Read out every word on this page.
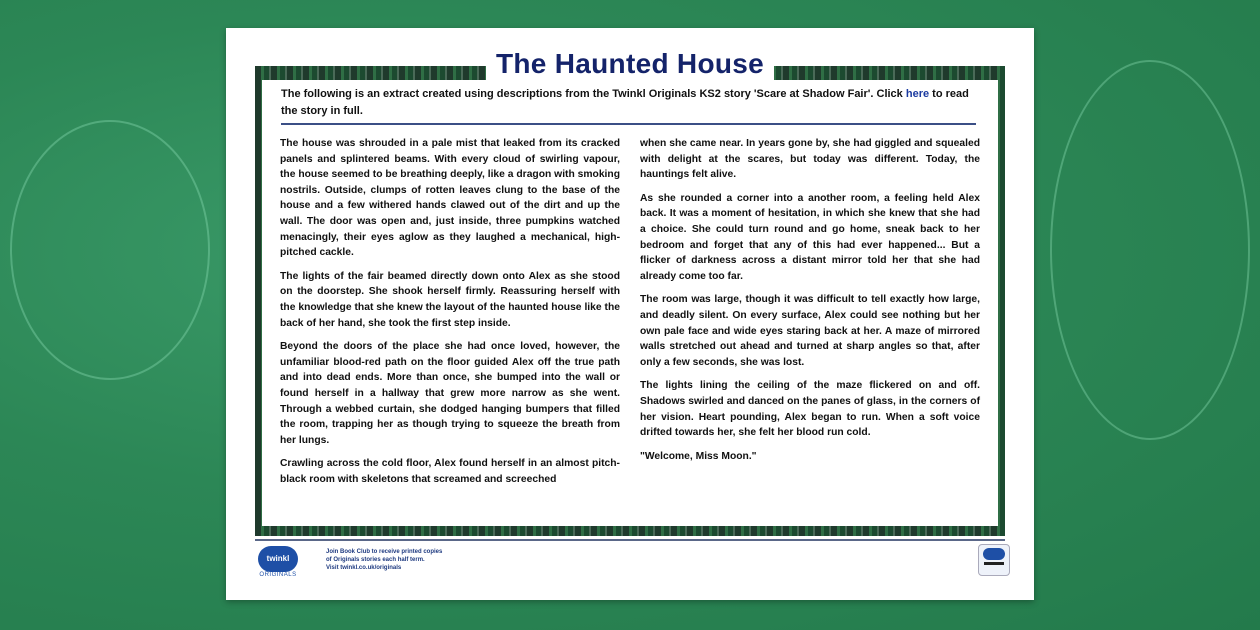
The Haunted House
The following is an extract created using descriptions from the Twinkl Originals KS2 story 'Scare at Shadow Fair'. Click here to read the story in full.

The house was shrouded in a pale mist that leaked from its cracked panels and splintered beams. With every cloud of swirling vapour, the house seemed to be breathing deeply, like a dragon with smoking nostrils. Outside, clumps of rotten leaves clung to the base of the house and a few withered hands clawed out of the dirt and up the wall. The door was open and, just inside, three pumpkins watched menacingly, their eyes aglow as they laughed a mechanical, high-pitched cackle.

The lights of the fair beamed directly down onto Alex as she stood on the doorstep. She shook herself firmly. Reassuring herself with the knowledge that she knew the layout of the haunted house like the back of her hand, she took the first step inside.

Beyond the doors of the place she had once loved, however, the unfamiliar blood-red path on the floor guided Alex off the true path and into dead ends. More than once, she bumped into the wall or found herself in a hallway that grew more narrow as she went. Through a webbed curtain, she dodged hanging bumpers that filled the room, trapping her as though trying to squeeze the breath from her lungs.

Crawling across the cold floor, Alex found herself in an almost pitch-black room with skeletons that screamed and screeched

when she came near. In years gone by, she had giggled and squealed with delight at the scares, but today was different. Today, the hauntings felt alive.

As she rounded a corner into a another room, a feeling held Alex back. It was a moment of hesitation, in which she knew that she had a choice. She could turn round and go home, sneak back to her bedroom and forget that any of this had ever happened... But a flicker of darkness across a distant mirror told her that she had already come too far.

The room was large, though it was difficult to tell exactly how large, and deadly silent. On every surface, Alex could see nothing but her own pale face and wide eyes staring back at her. A maze of mirrored walls stretched out ahead and turned at sharp angles so that, after only a few seconds, she was lost.

The lights lining the ceiling of the maze flickered on and off. Shadows swirled and danced on the panes of glass, in the corners of her vision. Heart pounding, Alex began to run. When a soft voice drifted towards her, she felt her blood run cold.

"Welcome, Miss Moon."

twinkl
ORIGINALS
Join Book Club to receive printed copies
of Originals stories each half term.
Visit twinkl.co.uk/originals
